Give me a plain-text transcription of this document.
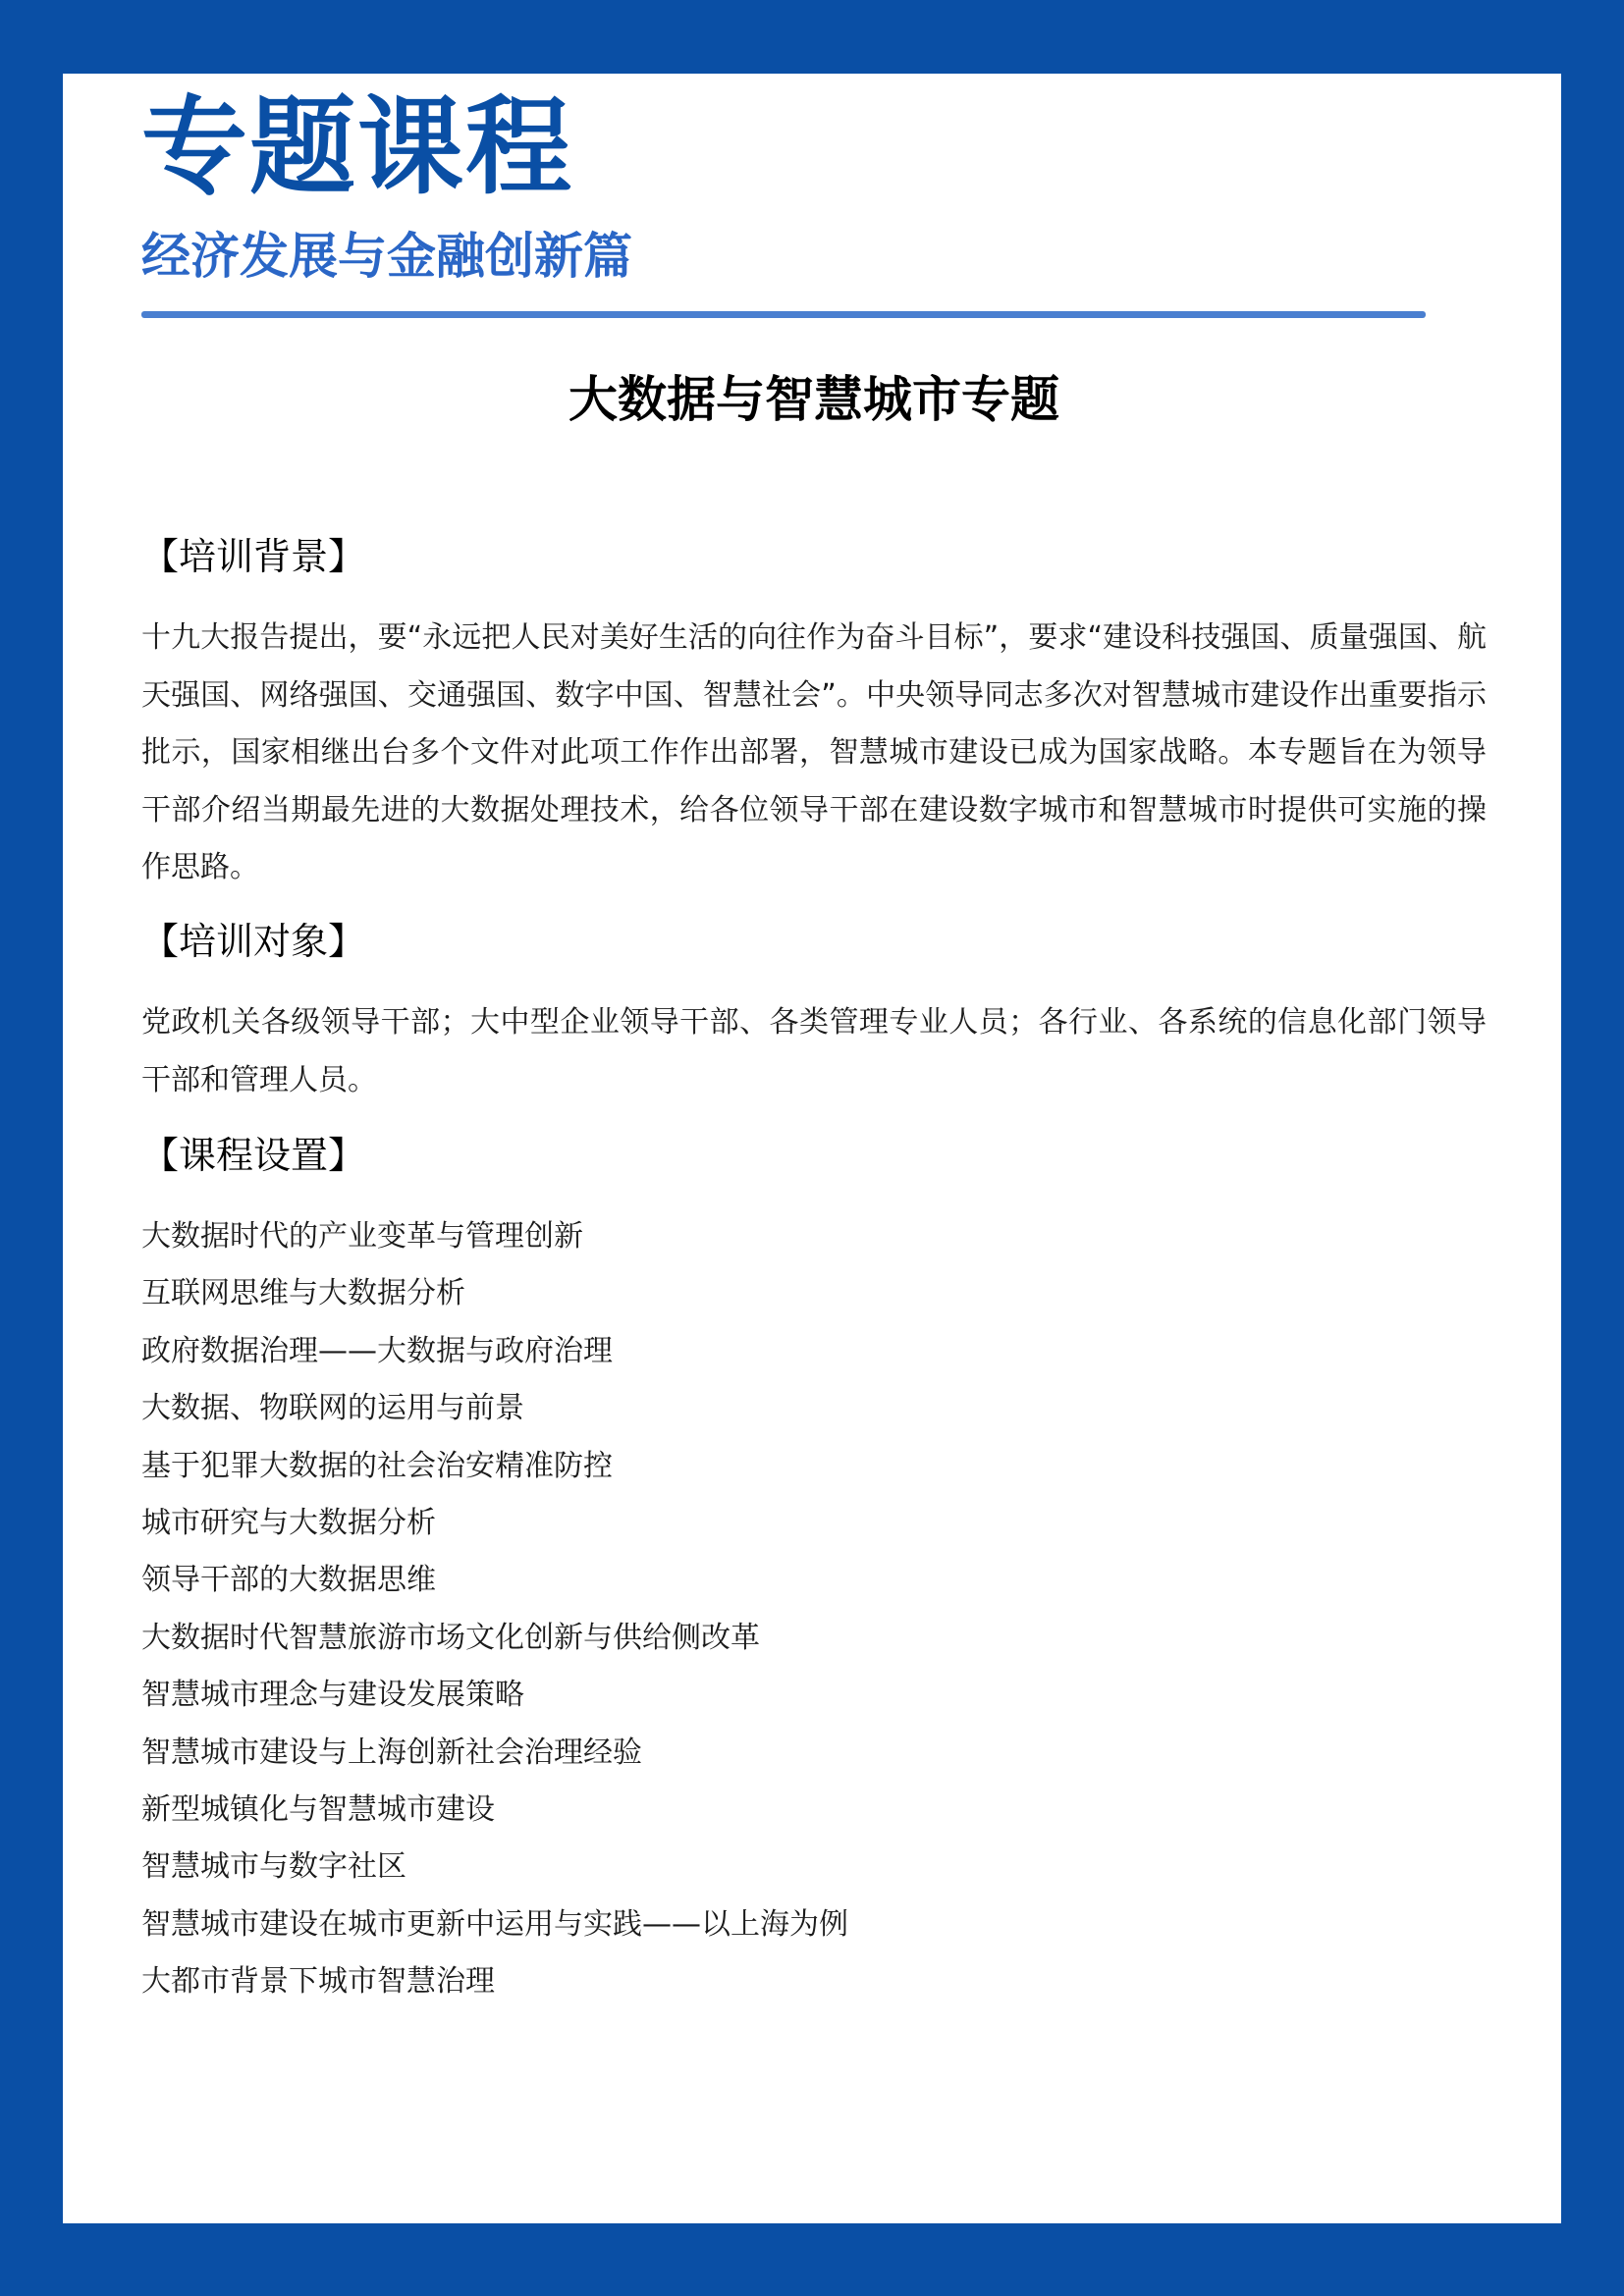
专题课程
经济发展与金融创新篇
大数据与智慧城市专题
【培训背景】

十九大报告提出，要“永远把人民对美好生活的向往作为奋斗目标”，要求“建设科技强国、质量强国、航天强国、网络强国、交通强国、数字中国、智慧社会”。中央领导同志多次对智慧城市建设作出重要指示批示，国家相继出台多个文件对此项工作作出部署，智慧城市建设已成为国家战略。本专题旨在为领导干部介绍当期最先进的大数据处理技术，给各位领导干部在建设数字城市和智慧城市时提供可实施的操作思路。

【培训对象】

党政机关各级领导干部；大中型企业领导干部、各类管理专业人员；各行业、各系统的信息化部门领导干部和管理人员。

【课程设置】
大数据时代的产业变革与管理创新
互联网思维与大数据分析
政府数据治理——大数据与政府治理
大数据、物联网的运用与前景
基于犯罪大数据的社会治安精准防控
城市研究与大数据分析
领导干部的大数据思维
大数据时代智慧旅游市场文化创新与供给侧改革
智慧城市理念与建设发展策略
智慧城市建设与上海创新社会治理经验
新型城镇化与智慧城市建设
智慧城市与数字社区
智慧城市建设在城市更新中运用与实践——以上海为例
大都市背景下城市智慧治理
